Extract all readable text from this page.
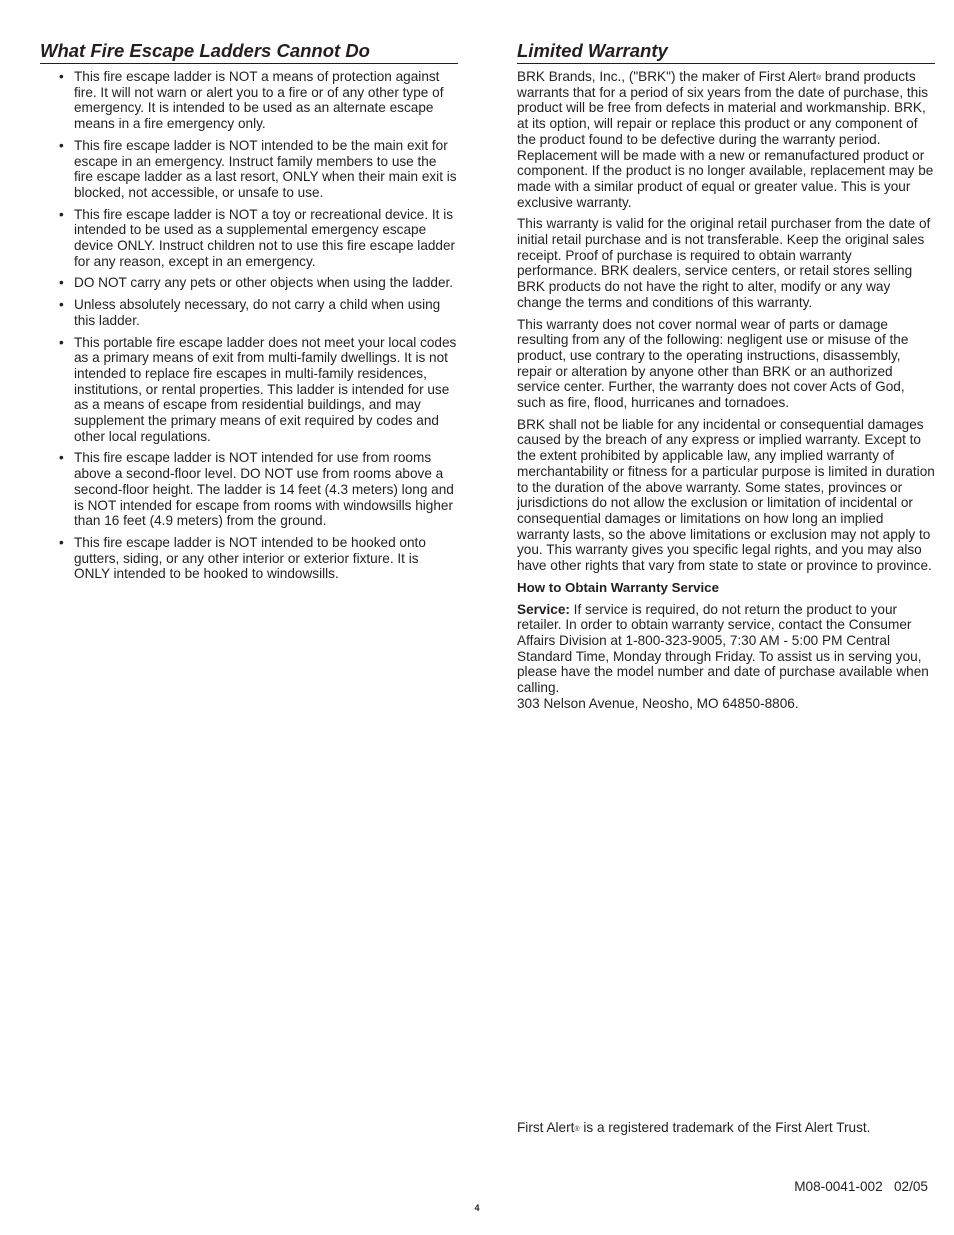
What Fire Escape Ladders Cannot Do
• This fire escape ladder is NOT a means of protection against fire. It will not warn or alert you to a fire or of any other type of emergency. It is intended to be used as an alternate escape means in a fire emergency only.
• This fire escape ladder is NOT intended to be the main exit for escape in an emergency. Instruct family members to use the fire escape ladder as a last resort, ONLY when their main exit is blocked, not accessible, or unsafe to use.
• This fire escape ladder is NOT a toy or recreational device. It is intended to be used as a supplemental emergency escape device ONLY. Instruct children not to use this fire escape ladder for any reason, except in an emergency.
• DO NOT carry any pets or other objects when using the ladder.
• Unless absolutely necessary, do not carry a child when using this ladder.
• This portable fire escape ladder does not meet your local codes as a primary means of exit from multi-family dwellings. It is not intended to replace fire escapes in multi-family residences, institutions, or rental properties. This ladder is intended for use as a means of escape from residential buildings, and may supplement the primary means of exit required by codes and other local regulations.
• This fire escape ladder is NOT intended for use from rooms above a second-floor level. DO NOT use from rooms above a second-floor height. The ladder is 14 feet (4.3 meters) long and is NOT intended for escape from rooms with windowsills higher than 16 feet (4.9 meters) from the ground.
• This fire escape ladder is NOT intended to be hooked onto gutters, siding, or any other interior or exterior fixture. It is ONLY intended to be hooked to windowsills.
Limited Warranty

BRK Brands, Inc., ("BRK") the maker of First Alert® brand products warrants that for a period of six years from the date of purchase, this product will be free from defects in material and workmanship. BRK, at its option, will repair or replace this product or any component of the product found to be defective during the warranty period. Replacement will be made with a new or remanufactured product or component. If the product is no longer available, replacement may be made with a similar product of equal or greater value. This is your exclusive warranty.

This warranty is valid for the original retail purchaser from the date of initial retail purchase and is not transferable. Keep the original sales receipt. Proof of purchase is required to obtain warranty performance. BRK dealers, service centers, or retail stores selling BRK products do not have the right to alter, modify or any way change the terms and conditions of this warranty.

This warranty does not cover normal wear of parts or damage resulting from any of the following: negligent use or misuse of the product, use contrary to the operating instructions, disassembly, repair or alteration by anyone other than BRK or an authorized service center. Further, the warranty does not cover Acts of God, such as fire, flood, hurricanes and tornadoes.

BRK shall not be liable for any incidental or consequential damages caused by the breach of any express or implied warranty. Except to the extent prohibited by applicable law, any implied warranty of merchantability or fitness for a particular purpose is limited in duration to the duration of the above warranty. Some states, provinces or jurisdictions do not allow the exclusion or limitation of incidental or consequential damages or limitations on how long an implied warranty lasts, so the above limitations or exclusion may not apply to you. This warranty gives you specific legal rights, and you may also have other rights that vary from state to state or province to province.

How to Obtain Warranty Service

Service: If service is required, do not return the product to your retailer. In order to obtain warranty service, contact the Consumer Affairs Division at 1-800-323-9005, 7:30 AM - 5:00 PM Central Standard Time, Monday through Friday. To assist us in serving you, please have the model number and date of purchase available when calling.
303 Nelson Avenue, Neosho, MO 64850-8806.

First Alert® is a registered trademark of the First Alert Trust.
M08-0041-002   02/05
4
